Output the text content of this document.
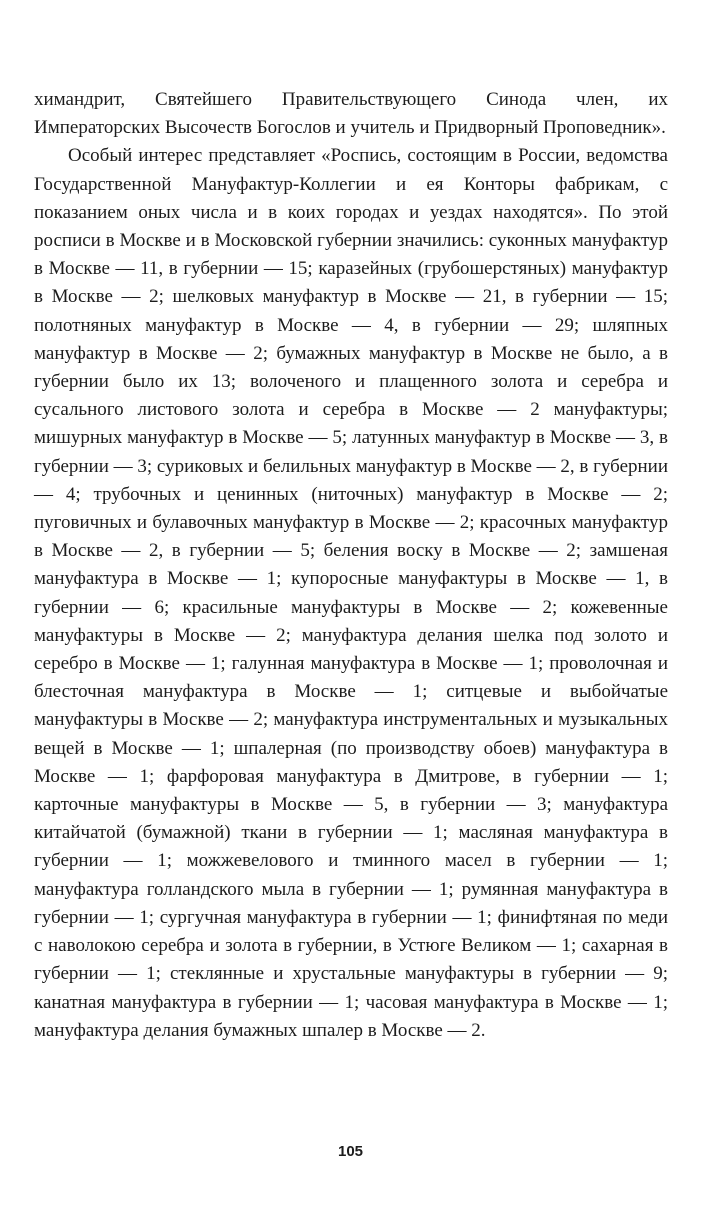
химандрит, Святейшего Правительствующего Синода член, их Императорских Высочеств Богослов и учитель и Придворный Проповедник».

Особый интерес представляет «Роспись, состоящим в России, ведомства Государственной Мануфактур-Коллегии и ея Конторы фабрикам, с показанием оных числа и в коих городах и уездах находятся». По этой росписи в Москве и в Московской губернии значились: суконных мануфактур в Москве — 11, в губернии — 15; каразейных (грубошерстяных) мануфактур в Москве — 2; шелковых мануфактур в Москве — 21, в губернии — 15; полотняных мануфактур в Москве — 4, в губернии — 29; шляпных мануфактур в Москве — 2; бумажных мануфактур в Москве не было, а в губернии было их 13; волоченого и плащенного золота и серебра и сусального листового золота и серебра в Москве — 2 мануфактуры; мишурных мануфактур в Москве — 5; латунных мануфактур в Москве — 3, в губернии — 3; суриковых и белильных мануфактур в Москве — 2, в губернии — 4; трубочных и ценинных (ниточных) мануфактур в Москве — 2; пуговичных и булавочных мануфактур в Москве — 2; красочных мануфактур в Москве — 2, в губернии — 5; беления воску в Москве — 2; замшеная мануфактура в Москве — 1; купоросные мануфактуры в Москве — 1, в губернии — 6; красильные мануфактуры в Москве — 2; кожевенные мануфактуры в Москве — 2; мануфактура делания шелка под золото и серебро в Москве — 1; галунная мануфактура в Москве — 1; проволочная и блесточная мануфактура в Москве — 1; ситцевые и выбойчатые мануфактуры в Москве — 2; мануфактура инструментальных и музыкальных вещей в Москве — 1; шпалерная (по производству обоев) мануфактура в Москве — 1; фарфоровая мануфактура в Дмитрове, в губернии — 1; карточные мануфактуры в Москве — 5, в губернии — 3; мануфактура китайчатой (бумажной) ткани в губернии — 1; масляная мануфактура в губернии — 1; можжевелового и тминного масел в губернии — 1; мануфактура голландского мыла в губернии — 1; румянная мануфактура в губернии — 1; сургучная мануфактура в губернии — 1; финифтяная по меди с наволокою серебра и золота в губернии, в Устюге Великом — 1; сахарная в губернии — 1; стеклянные и хрустальные мануфактуры в губернии — 9; канатная мануфактура в губернии — 1; часовая мануфактура в Москве — 1; мануфактура делания бумажных шпалер в Москве — 2.

105
